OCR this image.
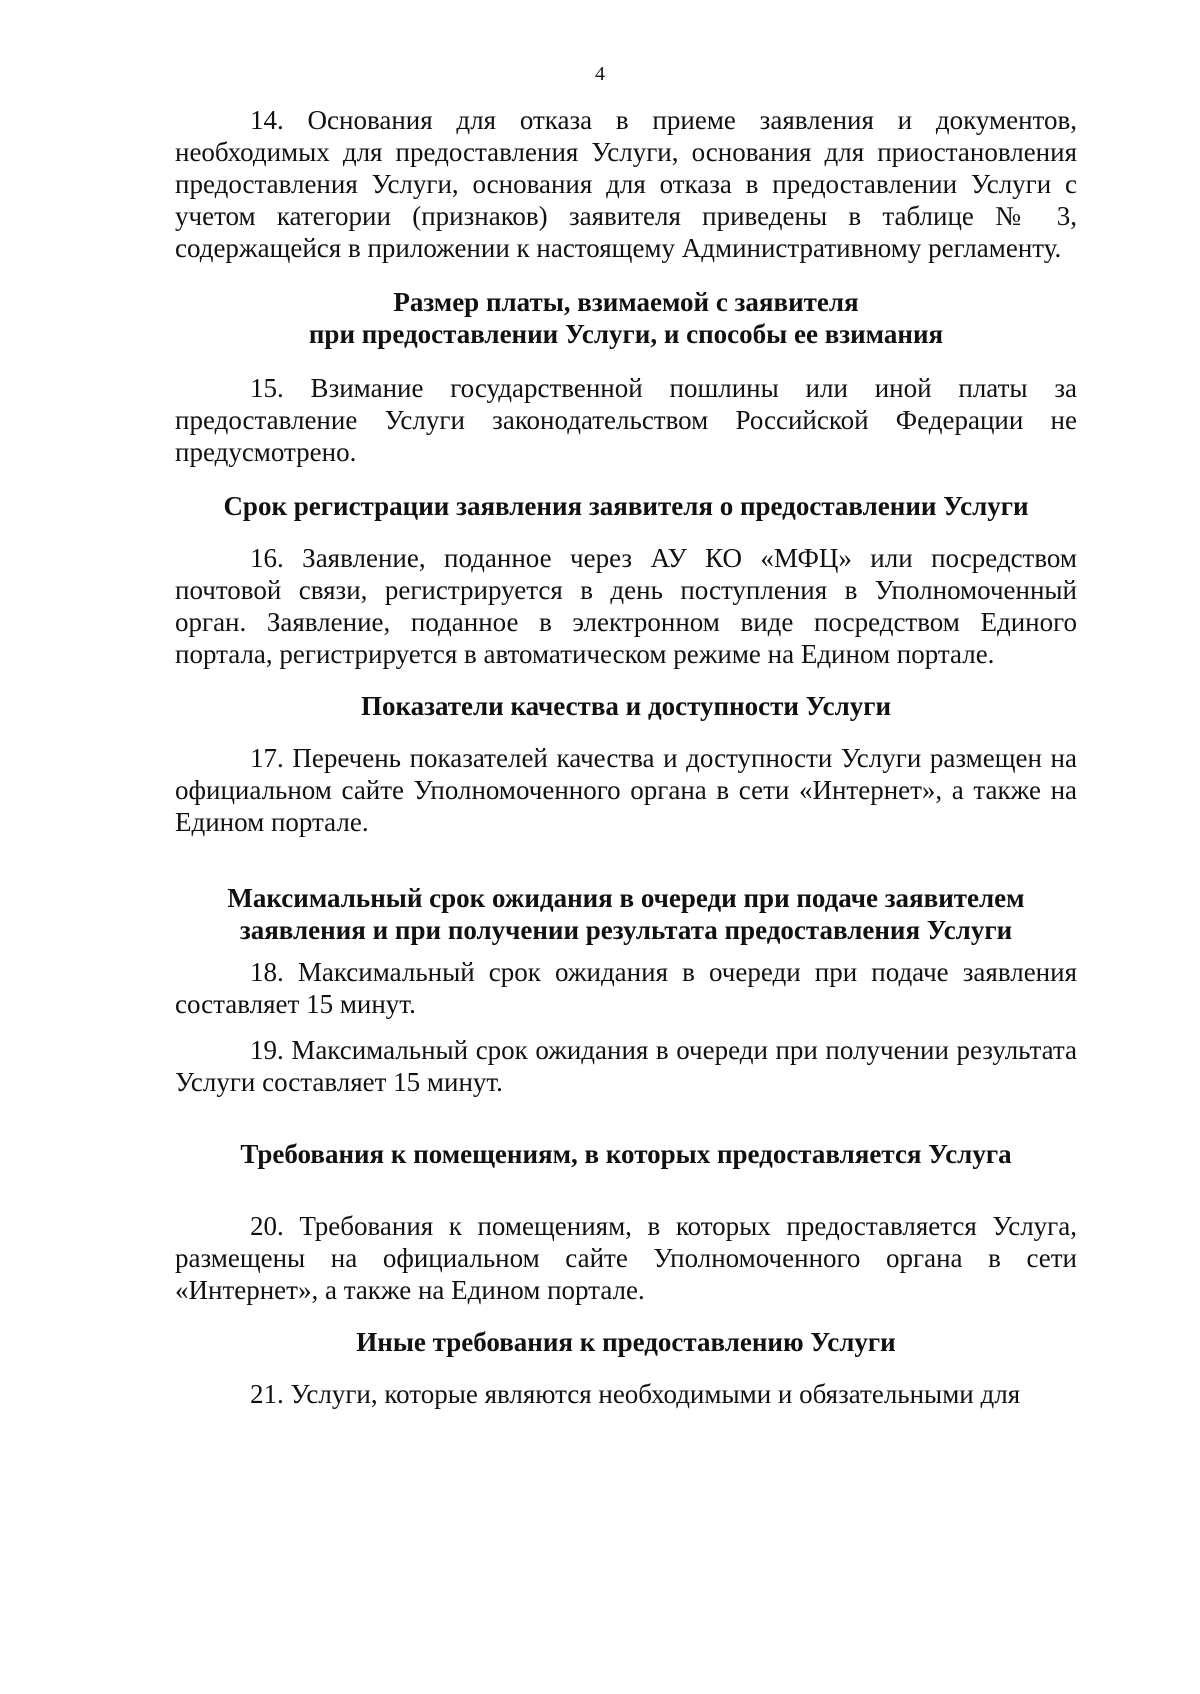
4

14. Основания для отказа в приеме заявления и документов, необходимых для предоставления Услуги, основания для приостановления предоставления Услуги, основания для отказа в предоставлении Услуги с учетом категории (признаков) заявителя приведены в таблице № 3, содержащейся в приложении к настоящему Административному регламенту.

Размер платы, взимаемой с заявителя
при предоставлении Услуги, и способы ее взимания

15. Взимание государственной пошлины или иной платы за предоставление Услуги законодательством Российской Федерации не предусмотрено.

Срок регистрации заявления заявителя о предоставлении Услуги

16. Заявление, поданное через АУ КО «МФЦ» или посредством почтовой связи, регистрируется в день поступления в Уполномоченный орган. Заявление, поданное в электронном виде посредством Единого портала, регистрируется в автоматическом режиме на Едином портале.

Показатели качества и доступности Услуги

17. Перечень показателей качества и доступности Услуги размещен на официальном сайте Уполномоченного органа в сети «Интернет», а также на Едином портале.

Максимальный срок ожидания в очереди при подаче заявителем
заявления и при получении результата предоставления Услуги

18. Максимальный срок ожидания в очереди при подаче заявления составляет 15 минут.

19. Максимальный срок ожидания в очереди при получении результата Услуги составляет 15 минут.

Требования к помещениям, в которых предоставляется Услуга

20. Требования к помещениям, в которых предоставляется Услуга, размещены на официальном сайте Уполномоченного органа в сети «Интернет», а также на Едином портале.

Иные требования к предоставлению Услуги

21. Услуги, которые являются необходимыми и обязательными для
